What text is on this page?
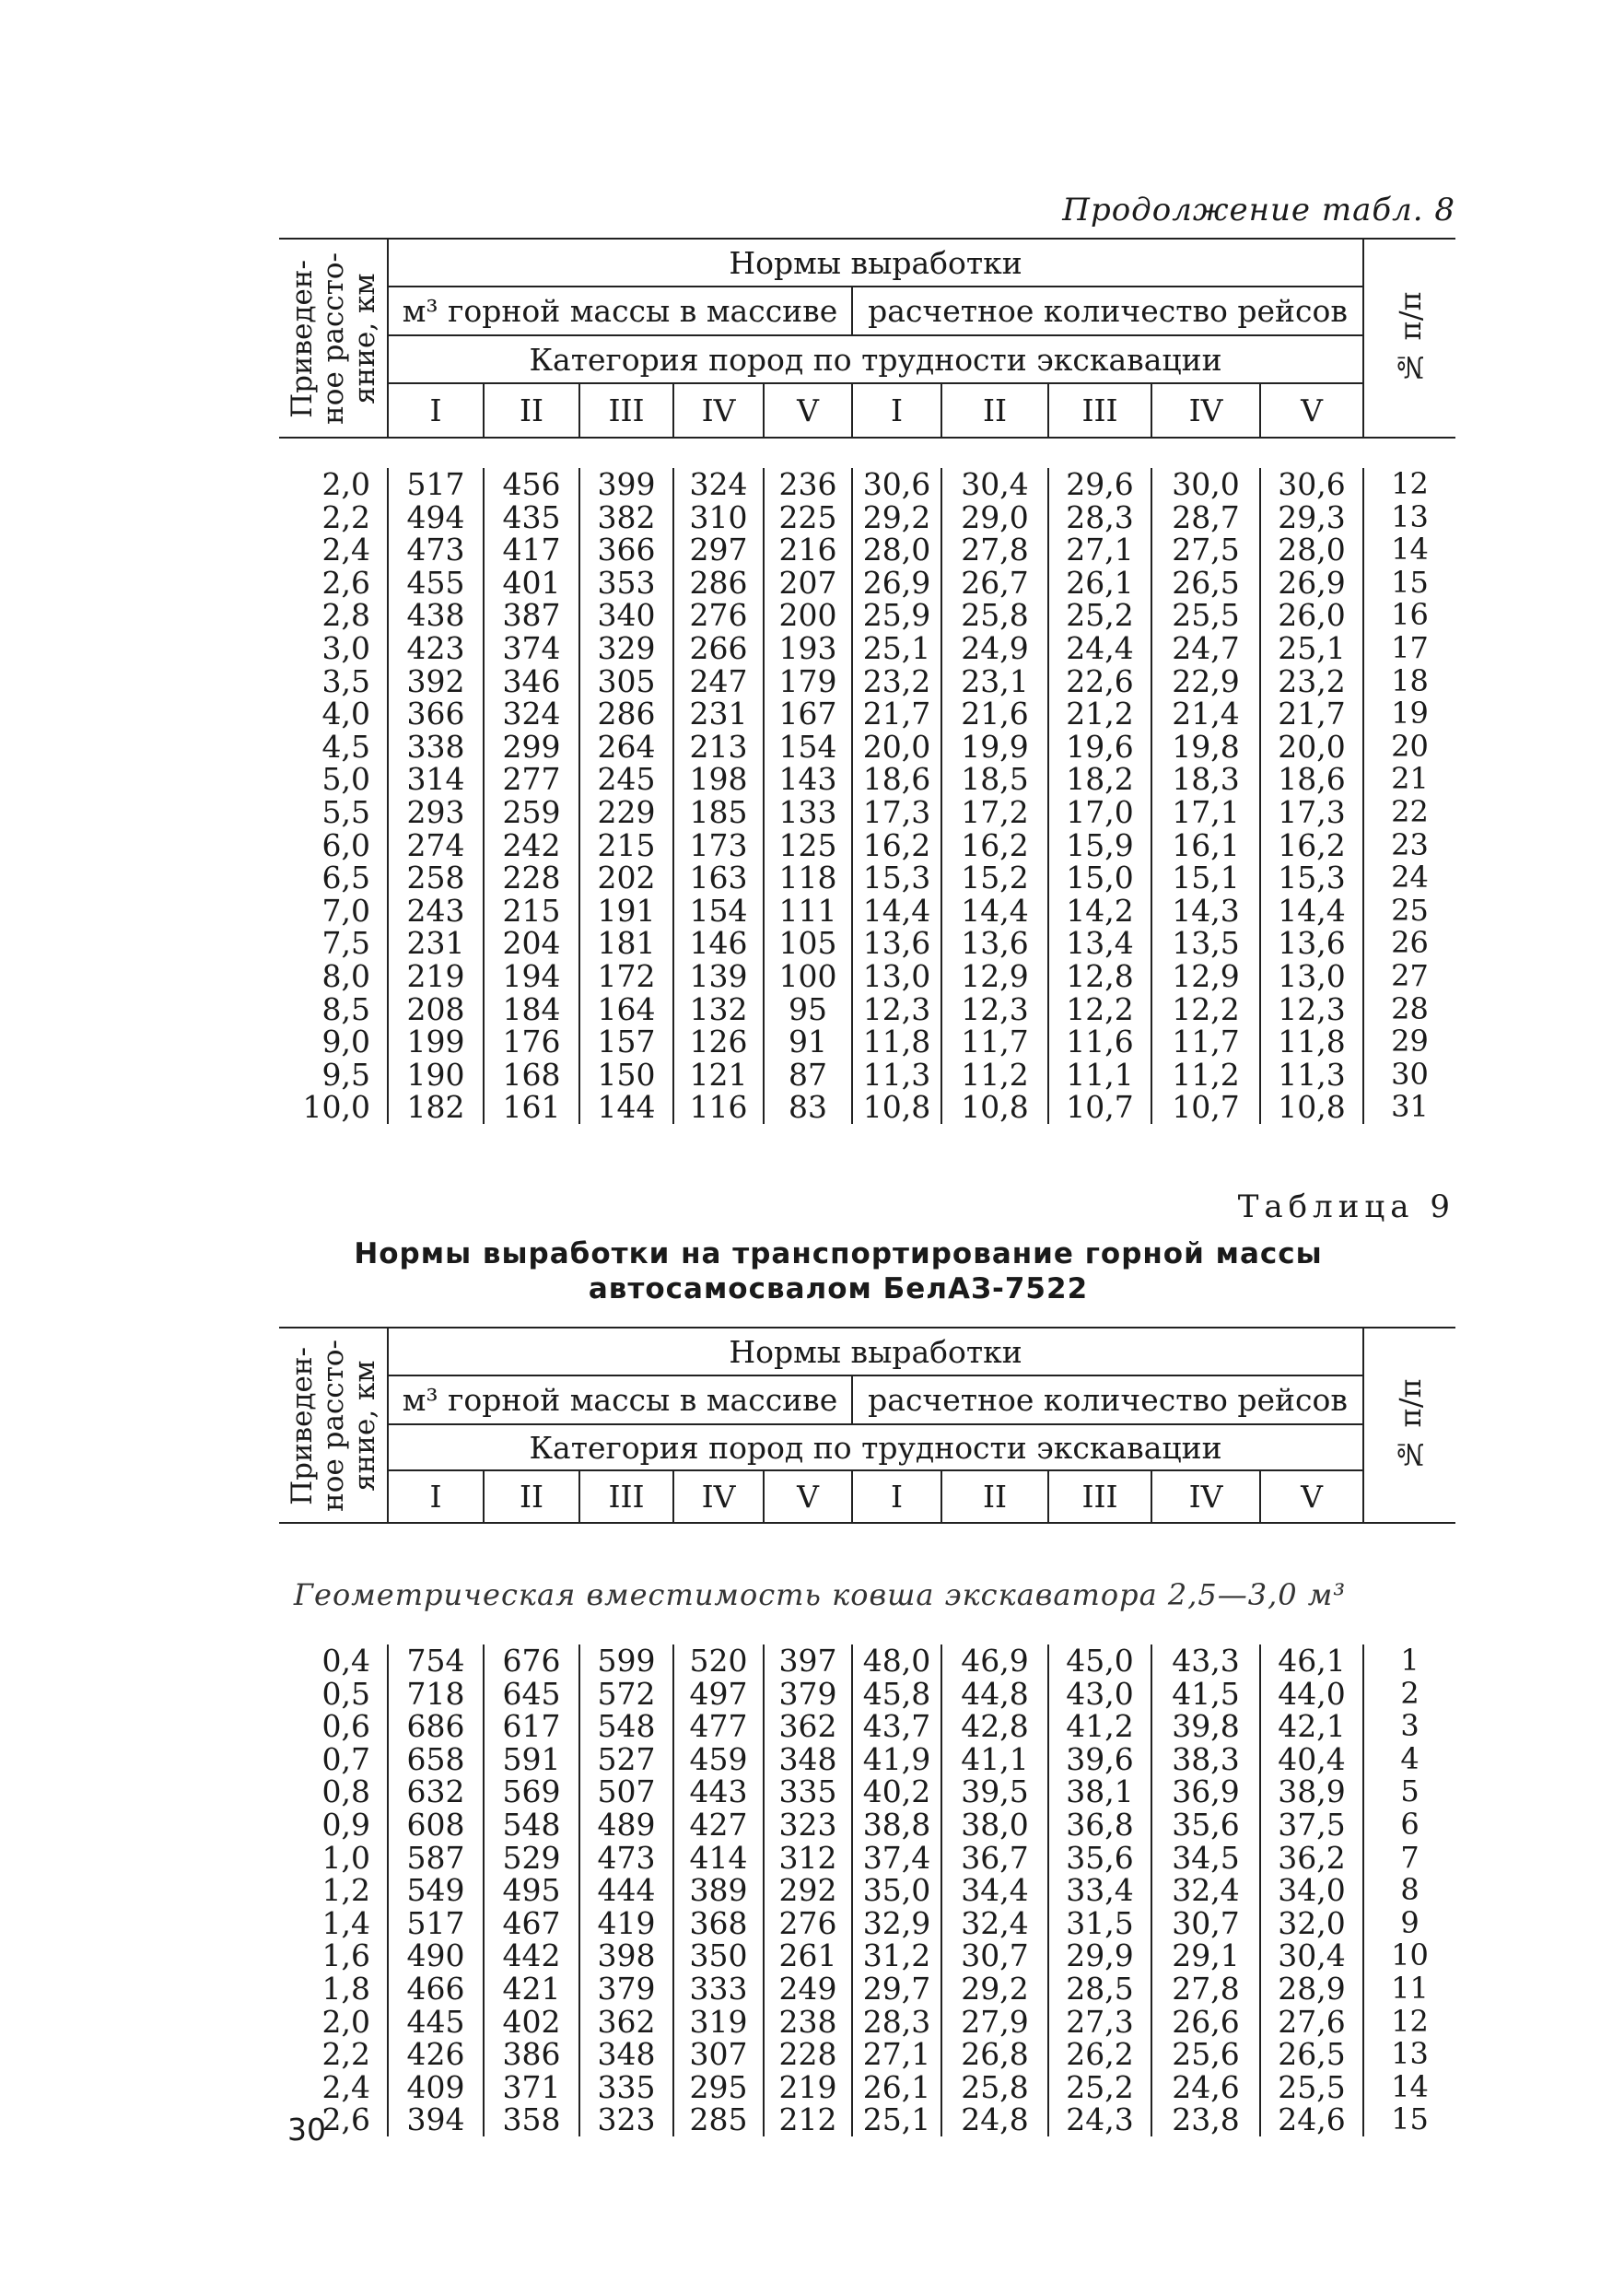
Продолжение табл. 8
Приведен-
ное рассто-
яние, км	Нормы выработки										№ п/п

	м³ горной массы в массиве					расчетное количество рейсов					
	Категория пород по трудности экскавации										
	I	II	III	IV	V	I	II	III	IV	V	
2,0	517	456	399	324	236	30,6	30,4	29,6	30,0	30,6	12
2,2	494	435	382	310	225	29,2	29,0	28,3	28,7	29,3	13
2,4	473	417	366	297	216	28,0	27,8	27,1	27,5	28,0	14
2,6	455	401	353	286	207	26,9	26,7	26,1	26,5	26,9	15
2,8	438	387	340	276	200	25,9	25,8	25,2	25,5	26,0	16
3,0	423	374	329	266	193	25,1	24,9	24,4	24,7	25,1	17
3,5	392	346	305	247	179	23,2	23,1	22,6	22,9	23,2	18
4,0	366	324	286	231	167	21,7	21,6	21,2	21,4	21,7	19
4,5	338	299	264	213	154	20,0	19,9	19,6	19,8	20,0	20
5,0	314	277	245	198	143	18,6	18,5	18,2	18,3	18,6	21
5,5	293	259	229	185	133	17,3	17,2	17,0	17,1	17,3	22
6,0	274	242	215	173	125	16,2	16,2	15,9	16,1	16,2	23
6,5	258	228	202	163	118	15,3	15,2	15,0	15,1	15,3	24
7,0	243	215	191	154	111	14,4	14,4	14,2	14,3	14,4	25
7,5	231	204	181	146	105	13,6	13,6	13,4	13,5	13,6	26
8,0	219	194	172	139	100	13,0	12,9	12,8	12,9	13,0	27
8,5	208	184	164	132	95	12,3	12,3	12,2	12,2	12,3	28
9,0	199	176	157	126	91	11,8	11,7	11,6	11,7	11,8	29
9,5	190	168	150	121	87	11,3	11,2	11,1	11,2	11,3	30
10,0	182	161	144	116	83	10,8	10,8	10,7	10,7	10,8	31
Таблица 9
Нормы выработки на транспортирование горной массы
автосамосвалом БелАЗ-7522
Приведен-
ное рассто-
яние, км	Нормы выработки										№ п/п

	м³ горной массы в массиве					расчетное количество рейсов					
	Категория пород по трудности экскавации										
	I	II	III	IV	V	I	II	III	IV	V	
Геометрическая вместимость ковша экскаватора 2,5—3,0 м³
0,4	754	676	599	520	397	48,0	46,9	45,0	43,3	46,1	1
0,5	718	645	572	497	379	45,8	44,8	43,0	41,5	44,0	2
0,6	686	617	548	477	362	43,7	42,8	41,2	39,8	42,1	3
0,7	658	591	527	459	348	41,9	41,1	39,6	38,3	40,4	4
0,8	632	569	507	443	335	40,2	39,5	38,1	36,9	38,9	5
0,9	608	548	489	427	323	38,8	38,0	36,8	35,6	37,5	6
1,0	587	529	473	414	312	37,4	36,7	35,6	34,5	36,2	7
1,2	549	495	444	389	292	35,0	34,4	33,4	32,4	34,0	8
1,4	517	467	419	368	276	32,9	32,4	31,5	30,7	32,0	9
1,6	490	442	398	350	261	31,2	30,7	29,9	29,1	30,4	10
1,8	466	421	379	333	249	29,7	29,2	28,5	27,8	28,9	11
2,0	445	402	362	319	238	28,3	27,9	27,3	26,6	27,6	12
2,2	426	386	348	307	228	27,1	26,8	26,2	25,6	26,5	13
2,4	409	371	335	295	219	26,1	25,8	25,2	24,6	25,5	14
2,6	394	358	323	285	212	25,1	24,8	24,3	23,8	24,6	15
30
